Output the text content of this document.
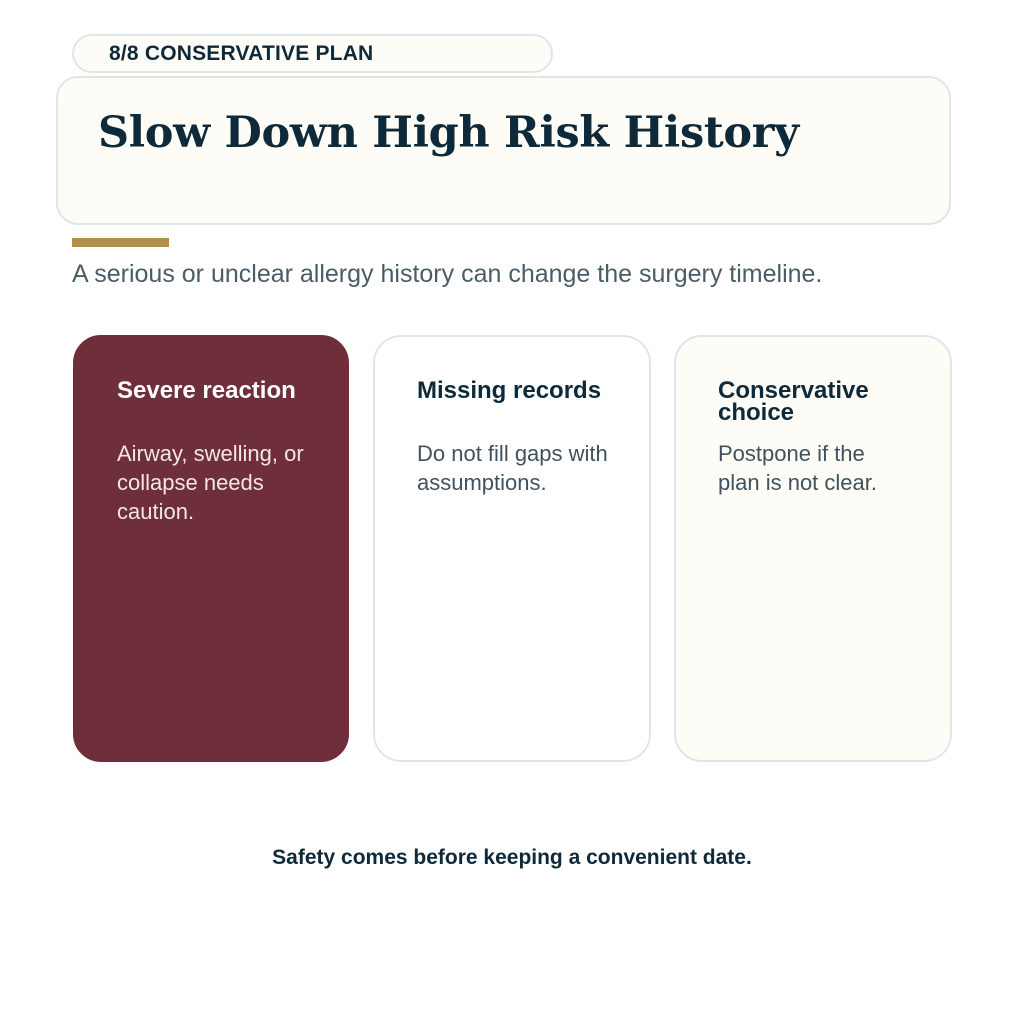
8/8 CONSERVATIVE PLAN
Slow Down High Risk History

A serious or unclear allergy history can change the surgery timeline.

Severe reaction
Airway, swelling, or collapse needs caution.
Missing records
Do not fill gaps with assumptions.
Conservative choice
Postpone if the plan is not clear.

Safety comes before keeping a convenient date.
